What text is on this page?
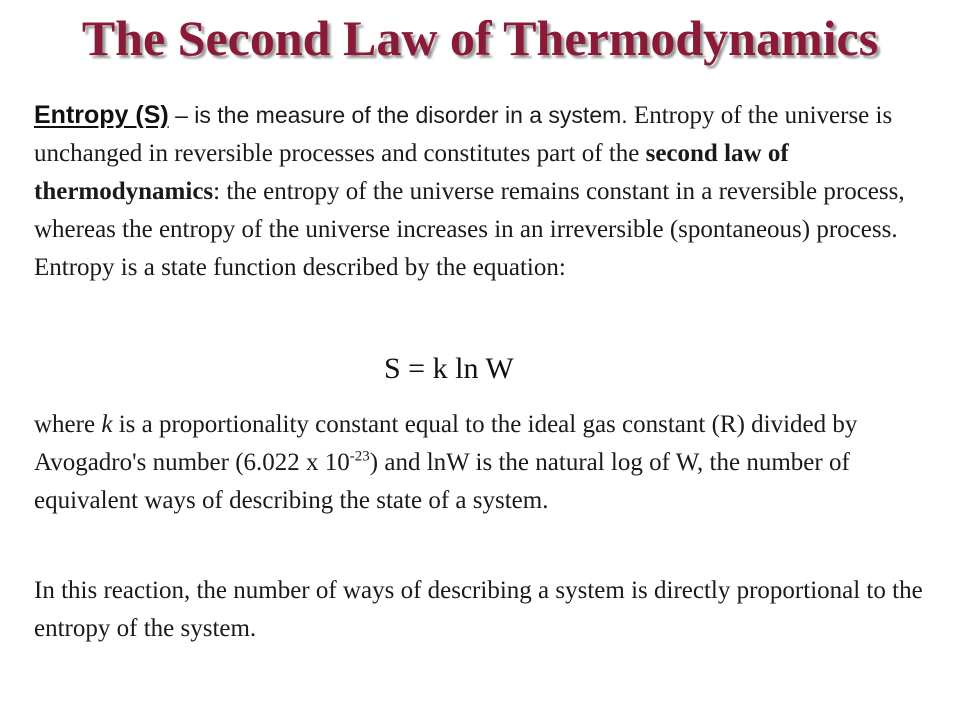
The Second Law of Thermodynamics
Entropy (S) – is the measure of the disorder in a system. Entropy of the universe is unchanged in reversible processes and constitutes part of the second law of thermodynamics: the entropy of the universe remains constant in a reversible process, whereas the entropy of the universe increases in an irreversible (spontaneous) process. Entropy is a state function described by the equation:
S = k ln W
where k is a proportionality constant equal to the ideal gas constant (R) divided by Avogadro's number (6.022 x $10^{-23}$) and lnW is the natural log of W, the number of equivalent ways of describing the state of a system.
In this reaction, the number of ways of describing a system is directly proportional to the entropy of the system.
